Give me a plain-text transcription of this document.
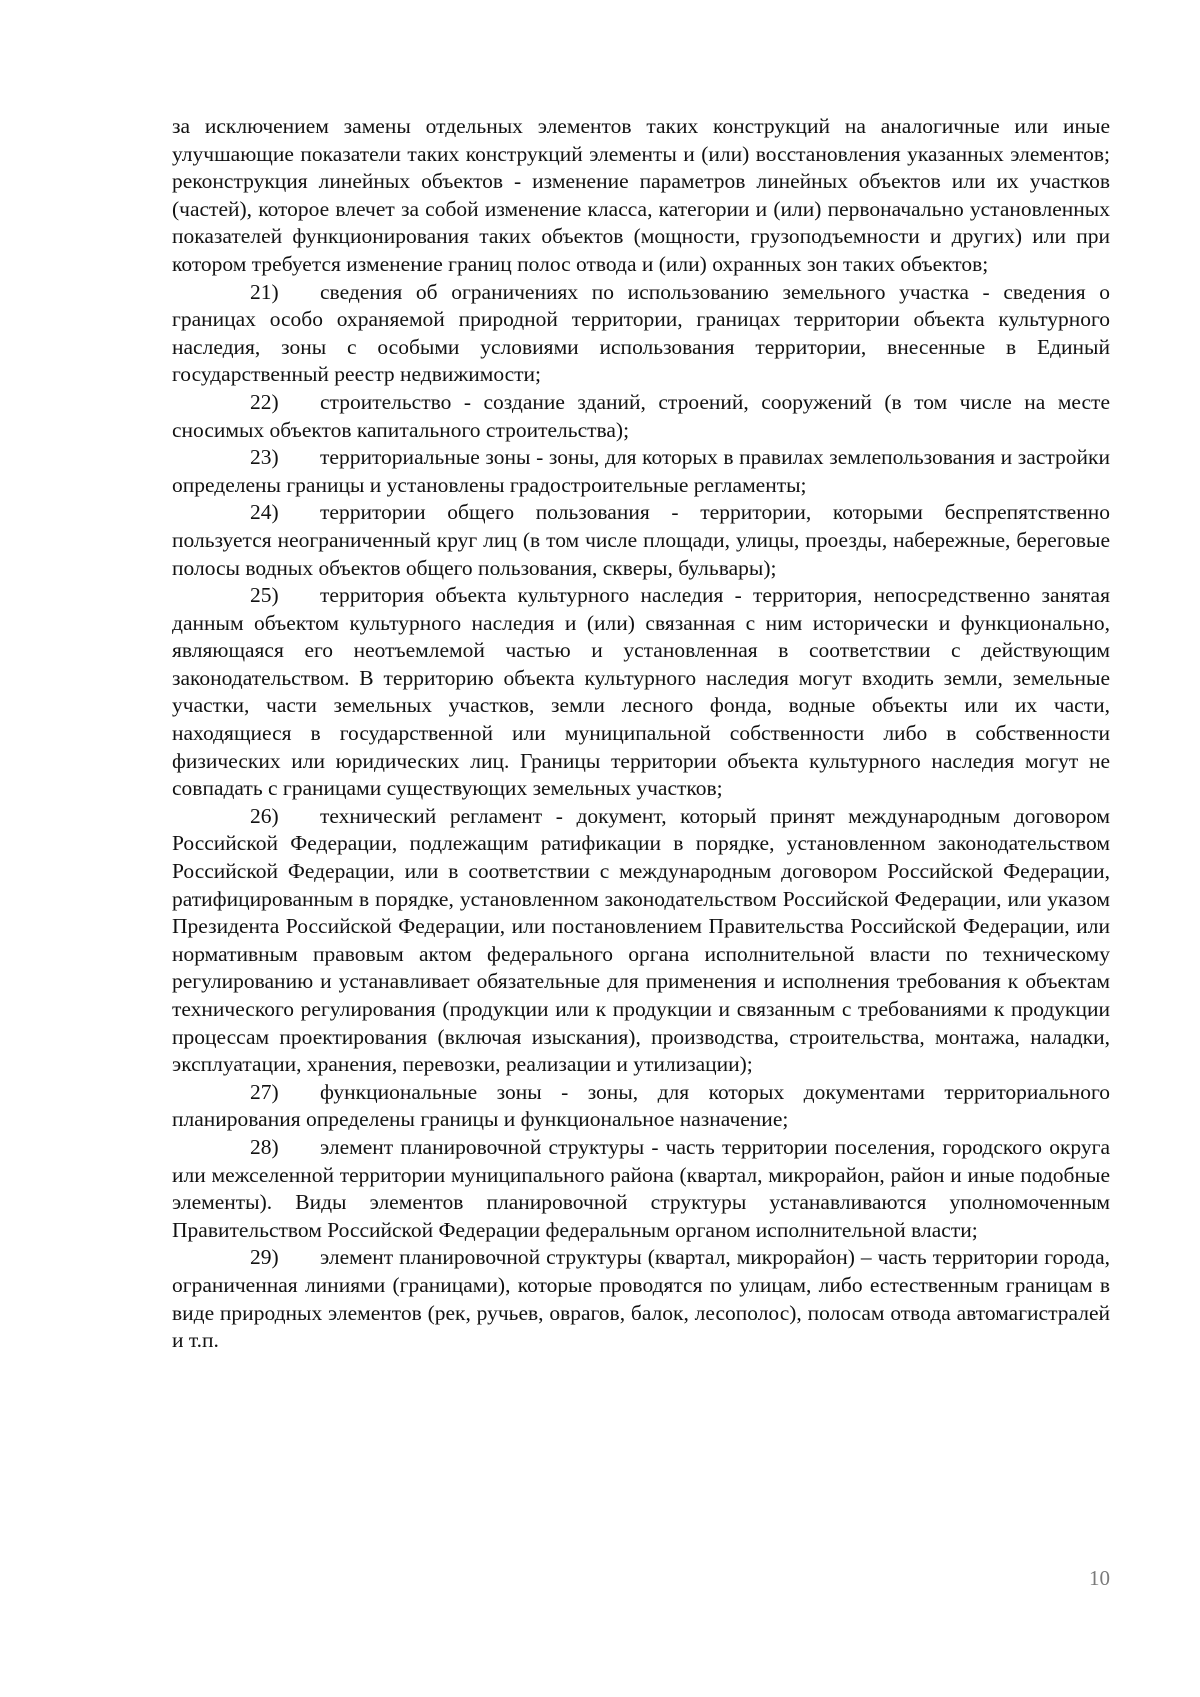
за исключением замены отдельных элементов таких конструкций на аналогичные или иные улучшающие показатели таких конструкций элементы и (или) восстановления указанных элементов; реконструкция линейных объектов - изменение параметров линейных объектов или их участков (частей), которое влечет за собой изменение класса, категории и (или) первоначально установленных показателей функционирования таких объектов (мощности, грузоподъемности и других) или при котором требуется изменение границ полос отвода и (или) охранных зон таких объектов;

21) сведения об ограничениях по использованию земельного участка - сведения о границах особо охраняемой природной территории, границах территории объекта культурного наследия, зоны с особыми условиями использования территории, внесенные в Единый государственный реестр недвижимости;

22) строительство - создание зданий, строений, сооружений (в том числе на месте сносимых объектов капитального строительства);

23) территориальные зоны - зоны, для которых в правилах землепользования и застройки определены границы и установлены градостроительные регламенты;

24) территории общего пользования - территории, которыми беспрепятственно пользуется неограниченный круг лиц (в том числе площади, улицы, проезды, набережные, береговые полосы водных объектов общего пользования, скверы, бульвары);

25) территория объекта культурного наследия - территория, непосредственно занятая данным объектом культурного наследия и (или) связанная с ним исторически и функционально, являющаяся его неотъемлемой частью и установленная в соответствии с действующим законодательством. В территорию объекта культурного наследия могут входить земли, земельные участки, части земельных участков, земли лесного фонда, водные объекты или их части, находящиеся в государственной или муниципальной собственности либо в собственности физических или юридических лиц. Границы территории объекта культурного наследия могут не совпадать с границами существующих земельных участков;

26) технический регламент - документ, который принят международным договором Российской Федерации, подлежащим ратификации в порядке, установленном законодательством Российской Федерации, или в соответствии с международным договором Российской Федерации, ратифицированным в порядке, установленном законодательством Российской Федерации, или указом Президента Российской Федерации, или постановлением Правительства Российской Федерации, или нормативным правовым актом федерального органа исполнительной власти по техническому регулированию и устанавливает обязательные для применения и исполнения требования к объектам технического регулирования (продукции или к продукции и связанным с требованиями к продукции процессам проектирования (включая изыскания), производства, строительства, монтажа, наладки, эксплуатации, хранения, перевозки, реализации и утилизации);

27) функциональные зоны - зоны, для которых документами территориального планирования определены границы и функциональное назначение;

28) элемент планировочной структуры - часть территории поселения, городского округа или межселенной территории муниципального района (квартал, микрорайон, район и иные подобные элементы). Виды элементов планировочной структуры устанавливаются уполномоченным Правительством Российской Федерации федеральным органом исполнительной власти;

29) элемент планировочной структуры (квартал, микрорайон) – часть территории города, ограниченная линиями (границами), которые проводятся по улицам, либо естественным границам в виде природных элементов (рек, ручьев, оврагов, балок, лесополос), полосам отвода автомагистралей и т.п.

10
